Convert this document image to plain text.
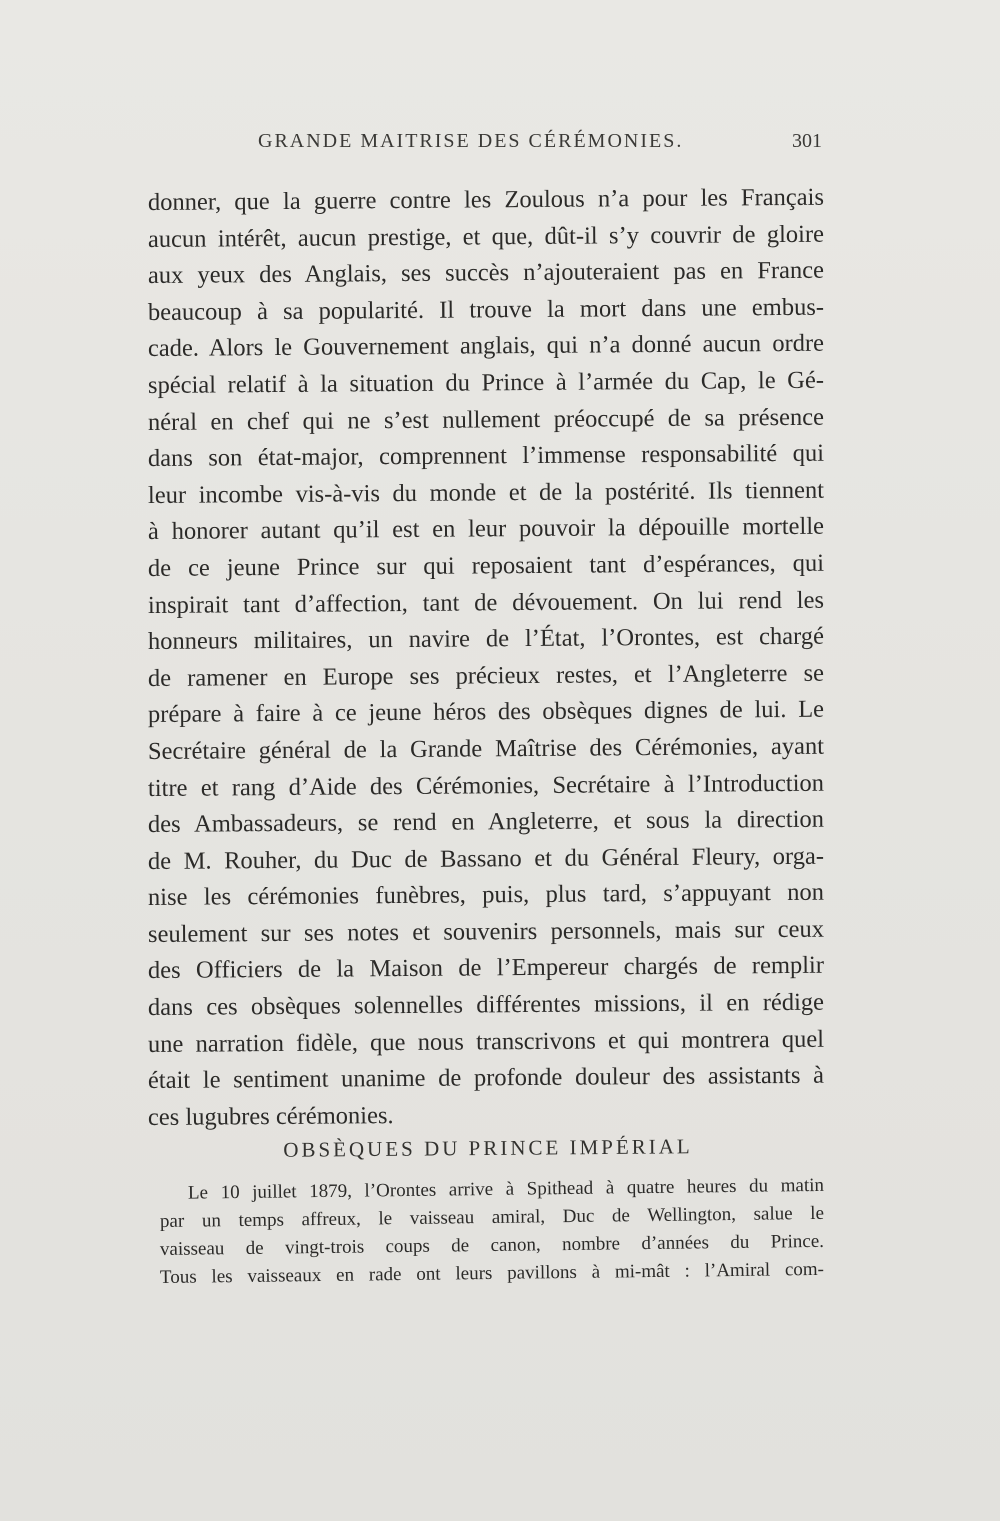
GRANDE MAITRISE DES CÉRÉMONIES.	301
donner, que la guerre contre les Zoulous n’a pour les Français
aucun intérêt, aucun prestige, et que, dût-il s’y couvrir de gloire
aux yeux des Anglais, ses succès n’ajouteraient pas en France
beaucoup à sa popularité. Il trouve la mort dans une embus-
cade. Alors le Gouvernement anglais, qui n’a donné aucun ordre
spécial relatif à la situation du Prince à l’armée du Cap, le Gé-
néral en chef qui ne s’est nullement préoccupé de sa présence
dans son état-major, comprennent l’immense responsabilité qui
leur incombe vis-à-vis du monde et de la postérité. Ils tiennent
à honorer autant qu’il est en leur pouvoir la dépouille mortelle
de ce jeune Prince sur qui reposaient tant d’espérances, qui
inspirait tant d’affection, tant de dévouement. On lui rend les
honneurs militaires, un navire de l’État, l’Orontes, est chargé
de ramener en Europe ses précieux restes, et l’Angleterre se
prépare à faire à ce jeune héros des obsèques dignes de lui. Le
Secrétaire général de la Grande Maîtrise des Cérémonies, ayant
titre et rang d’Aide des Cérémonies, Secrétaire à l’Introduction
des Ambassadeurs, se rend en Angleterre, et sous la direction
de M. Rouher, du Duc de Bassano et du Général Fleury, orga-
nise les cérémonies funèbres, puis, plus tard, s’appuyant non
seulement sur ses notes et souvenirs personnels, mais sur ceux
des Officiers de la Maison de l’Empereur chargés de remplir
dans ces obsèques solennelles différentes missions, il en rédige
une narration fidèle, que nous transcrivons et qui montrera quel
était le sentiment unanime de profonde douleur des assistants à
ces lugubres cérémonies.
OBSÈQUES DU PRINCE IMPÉRIAL
Le 10 juillet 1879, l’Orontes arrive à Spithead à quatre heures du matin
par un temps affreux, le vaisseau amiral, Duc de Wellington, salue le
vaisseau de vingt-trois coups de canon, nombre d’années du Prince.
Tous les vaisseaux en rade ont leurs pavillons à mi-mât : l’Amiral com-
